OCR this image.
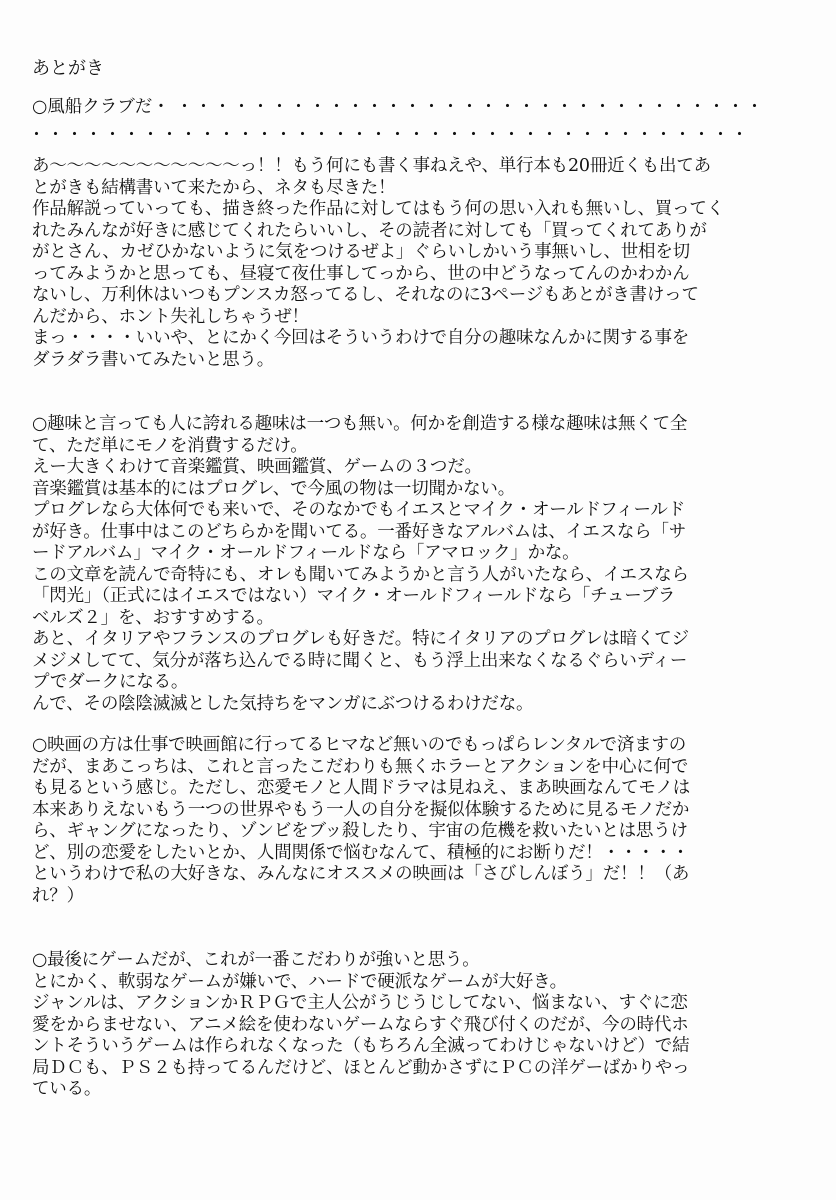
あとがき
○風船クラブだ・ ・・・・・・・・・・・・・・・・・・・・・・・・・・・・・・・
・・・・・・・・・・・・・・・・・・・・・・・・・・・・・・・・・・・・・・
あ～～～～～～～～～～～っ！！もう何にも書く事ねえや、単行本も20冊近くも出てあ
とがきも結構書いて来たから、ネタも尽きた！
作品解説っていっても、描き終った作品に対してはもう何の思い入れも無いし、買ってく
れたみんなが好きに感じてくれたらいいし、その読者に対しても「買ってくれてありが
がとさん、カゼひかないように気をつけるぜよ」ぐらいしかいう事無いし、世相を切
ってみようかと思っても、昼寝て夜仕事してっから、世の中どうなってんのかわかん
ないし、万利休はいつもプンスカ怒ってるし、それなのに3ページもあとがき書けって
んだから、ホント失礼しちゃうぜ！
まっ・・・・いいや、とにかく今回はそういうわけで自分の趣味なんかに関する事を
ダラダラ書いてみたいと思う。
○趣味と言っても人に誇れる趣味は一つも無い。何かを創造する様な趣味は無くて全
て、ただ単にモノを消費するだけ。
えー大きくわけて音楽鑑賞、映画鑑賞、ゲームの３つだ。
音楽鑑賞は基本的にはプログレ、で今風の物は一切聞かない。
プログレなら大体何でも来いで、そのなかでもイエスとマイク・オールドフィールド
が好き。仕事中はこのどちらかを聞いてる。一番好きなアルバムは、イエスなら「サ
ードアルバム」マイク・オールドフィールドなら「アマロック」かな。
この文章を読んで奇特にも、オレも聞いてみようかと言う人がいたなら、イエスなら
「閃光」（正式にはイエスではない）マイク・オールドフィールドなら「チューブラ
ベルズ２」を、おすすめする。
あと、イタリアやフランスのプログレも好きだ。特にイタリアのプログレは暗くてジ
メジメしてて、気分が落ち込んでる時に聞くと、もう浮上出来なくなるぐらいディー
プでダークになる。
んで、その陰陰滅滅とした気持ちをマンガにぶつけるわけだな。
○映画の方は仕事で映画館に行ってるヒマなど無いのでもっぱらレンタルで済ますの
だが、まあこっちは、これと言ったこだわりも無くホラーとアクションを中心に何で
も見るという感じ。ただし、恋愛モノと人間ドラマは見ねえ、まあ映画なんてモノは
本来ありえないもう一つの世界やもう一人の自分を擬似体験するために見るモノだか
ら、ギャングになったり、ゾンビをブッ殺したり、宇宙の危機を救いたいとは思うけ
ど、別の恋愛をしたいとか、人間関係で悩むなんて、積極的にお断りだ！・・・・・
というわけで私の大好きな、みんなにオススメの映画は「さびしんぼう」だ！！（あ
れ？）
○最後にゲームだが、これが一番こだわりが強いと思う。
とにかく、軟弱なゲームが嫌いで、ハードで硬派なゲームが大好き。
ジャンルは、アクションかＲＰＧで主人公がうじうじしてない、悩まない、すぐに恋
愛をからませない、アニメ絵を使わないゲームならすぐ飛び付くのだが、今の時代ホ
ントそういうゲームは作られなくなった（もちろん全滅ってわけじゃないけど）で結
局ＤＣも、ＰＳ２も持ってるんだけど、ほとんど動かさずにＰＣの洋ゲーばかりやっ
ている。
